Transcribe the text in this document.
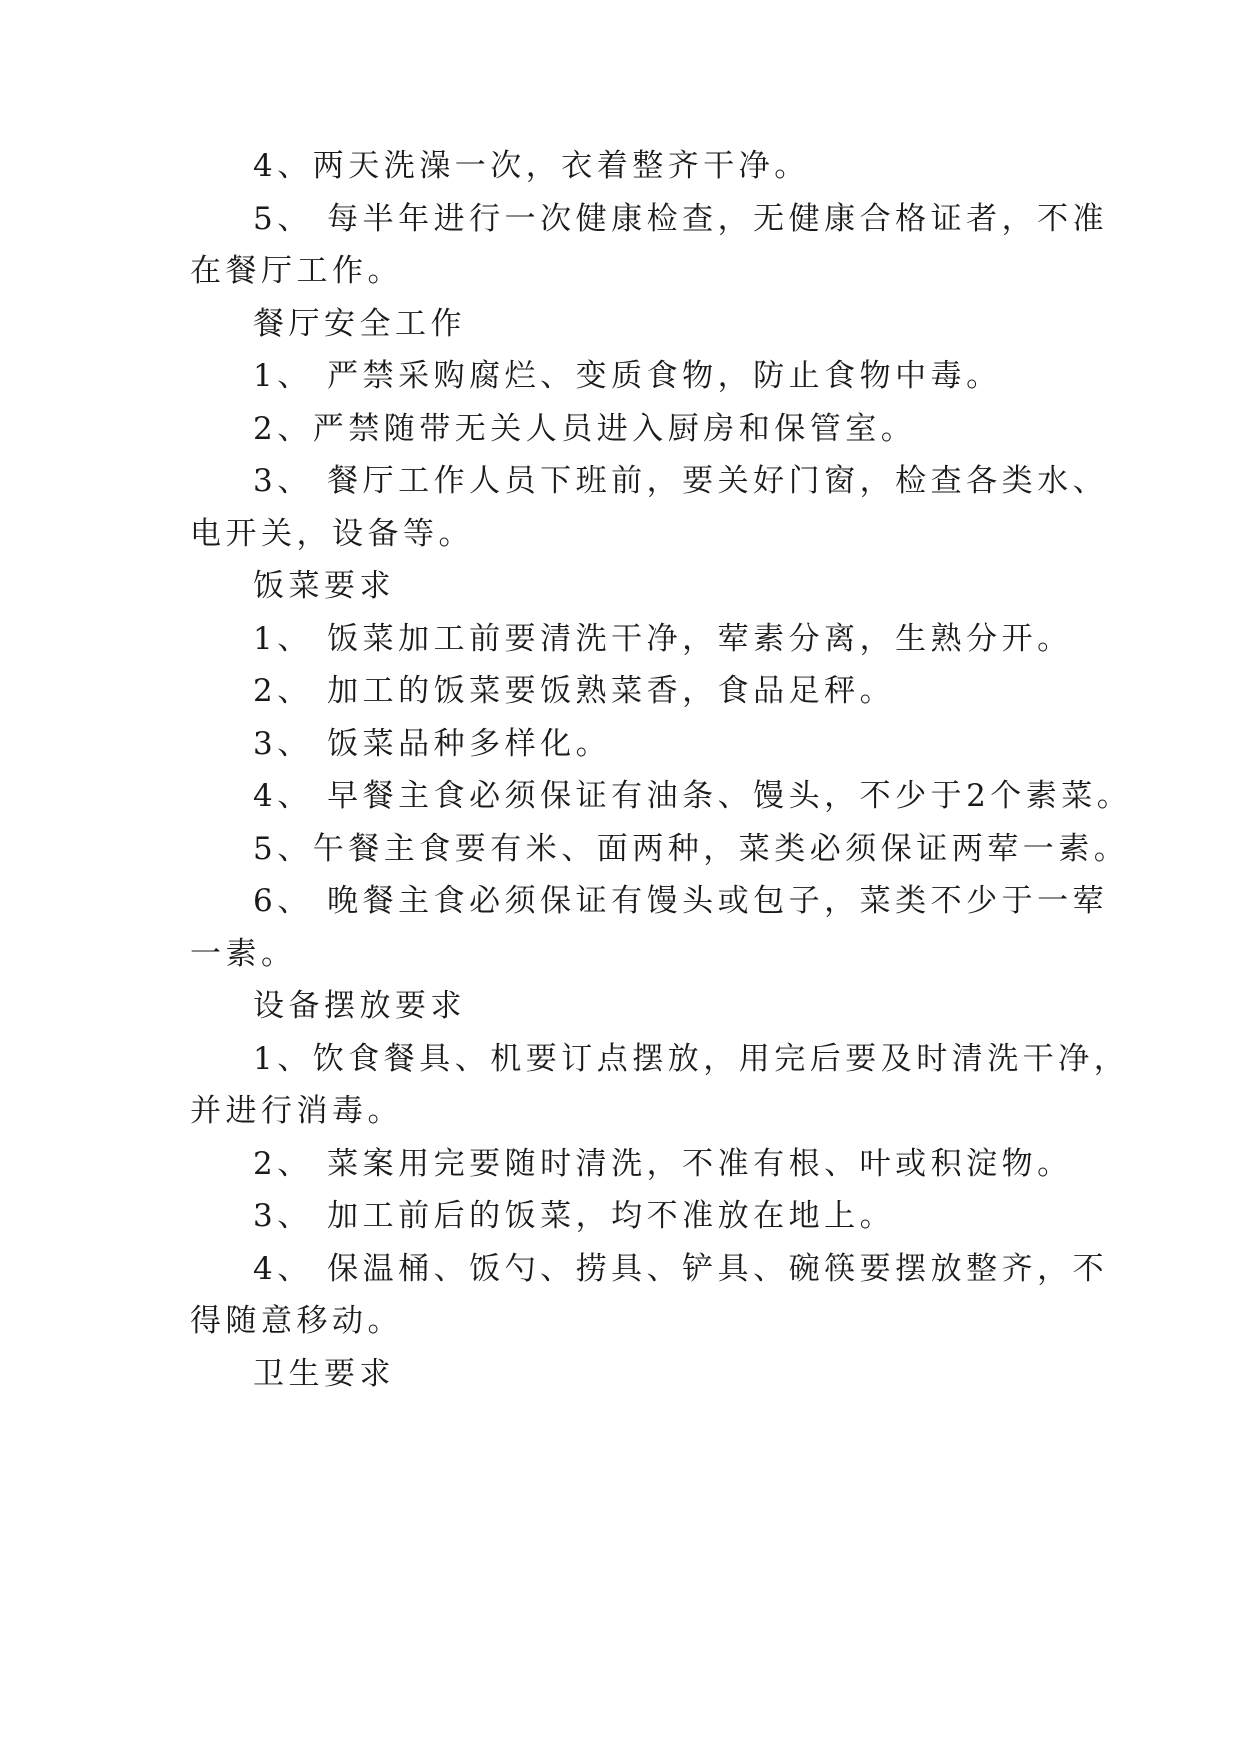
4、两天洗澡一次，衣着整齐干净。
5、 每半年进行一次健康检查，无健康合格证者，不准
在餐厅工作。
餐厅安全工作
1、 严禁采购腐烂、变质食物，防止食物中毒。
2、严禁随带无关人员进入厨房和保管室。
3、 餐厅工作人员下班前，要关好门窗，检查各类水、
电开关，设备等。
饭菜要求
1、 饭菜加工前要清洗干净，荤素分离，生熟分开。
2、 加工的饭菜要饭熟菜香，食品足秤。
3、 饭菜品种多样化。
4、 早餐主食必须保证有油条、馒头，不少于2个素菜。
5、午餐主食要有米、面两种，菜类必须保证两荤一素。
6、 晚餐主食必须保证有馒头或包子，菜类不少于一荤
一素。
设备摆放要求
1、饮食餐具、机要订点摆放，用完后要及时清洗干净，
并进行消毒。
2、 菜案用完要随时清洗，不准有根、叶或积淀物。
3、 加工前后的饭菜，均不准放在地上。
4、 保温桶、饭勺、捞具、铲具、碗筷要摆放整齐，不
得随意移动。
卫生要求
